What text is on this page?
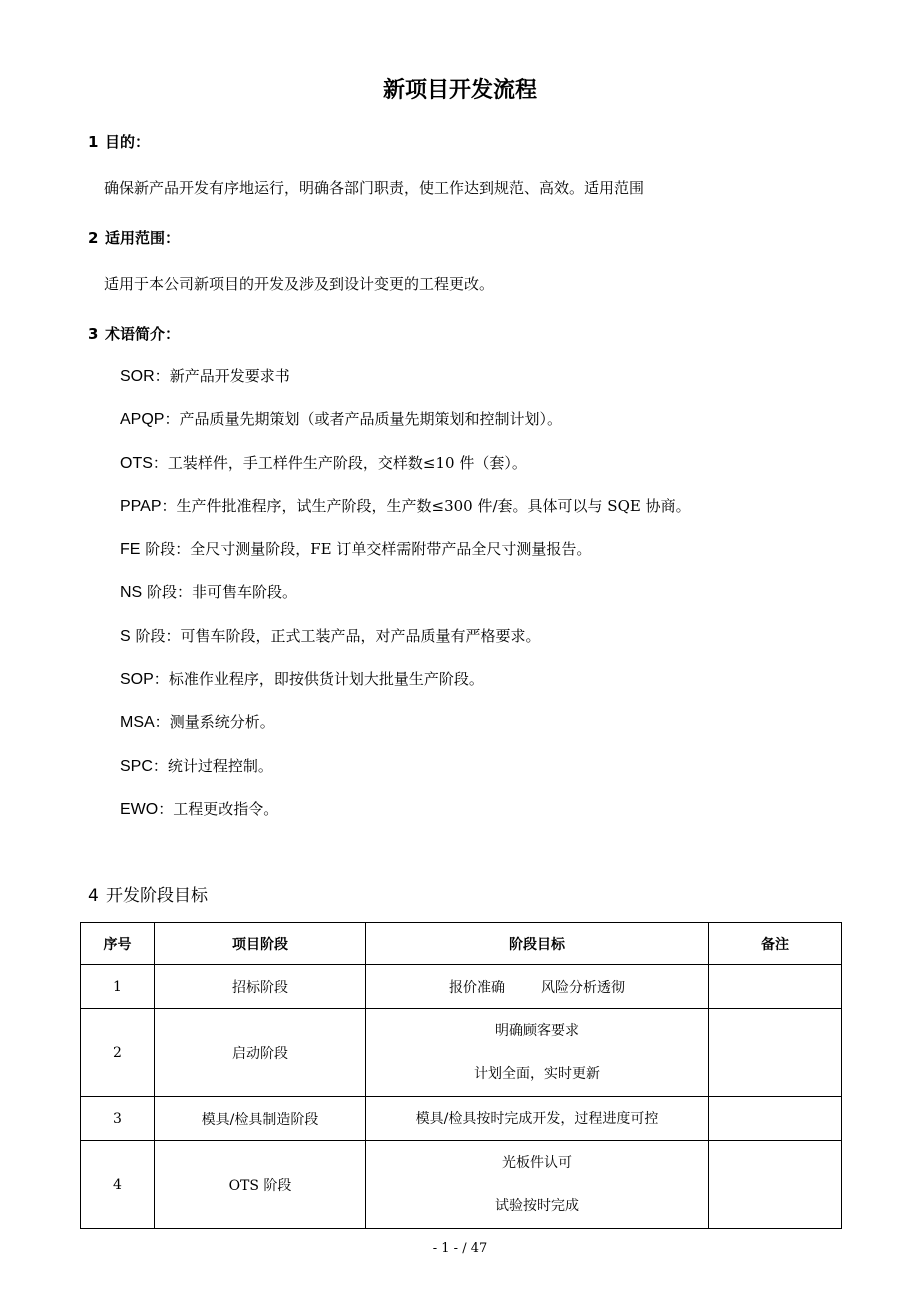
新项目开发流程
1 目的：
确保新产品开发有序地运行，明确各部门职责，使工作达到规范、高效。适用范围
2 适用范围：
适用于本公司新项目的开发及涉及到设计变更的工程更改。
3 术语简介：
SOR：新产品开发要求书
APQP：产品质量先期策划（或者产品质量先期策划和控制计划）。
OTS：工装样件，手工样件生产阶段，交样数≤10 件（套）。
PPAP：生产件批准程序，试生产阶段，生产数≤300 件/套。具体可以与 SQE 协商。
FE 阶段：全尺寸测量阶段，FE 订单交样需附带产品全尺寸测量报告。
NS 阶段：非可售车阶段。
S 阶段：可售车阶段，正式工装产品，对产品质量有严格要求。
SOP：标准作业程序，即按供货计划大批量生产阶段。
MSA：测量系统分析。
SPC：统计过程控制。
EWO：工程更改指令。
4 开发阶段目标
序号	项目阶段	阶段目标	备注
1	招标阶段	报价准确 风险分析透彻	

2	启动阶段	明确顾客要求
计划全面，实时更新	

3	模具/检具制造阶段	模具/检具按时完成开发，过程进度可控	

4	OTS 阶段	光板件认可
试验按时完成	

- 1 - / 47
